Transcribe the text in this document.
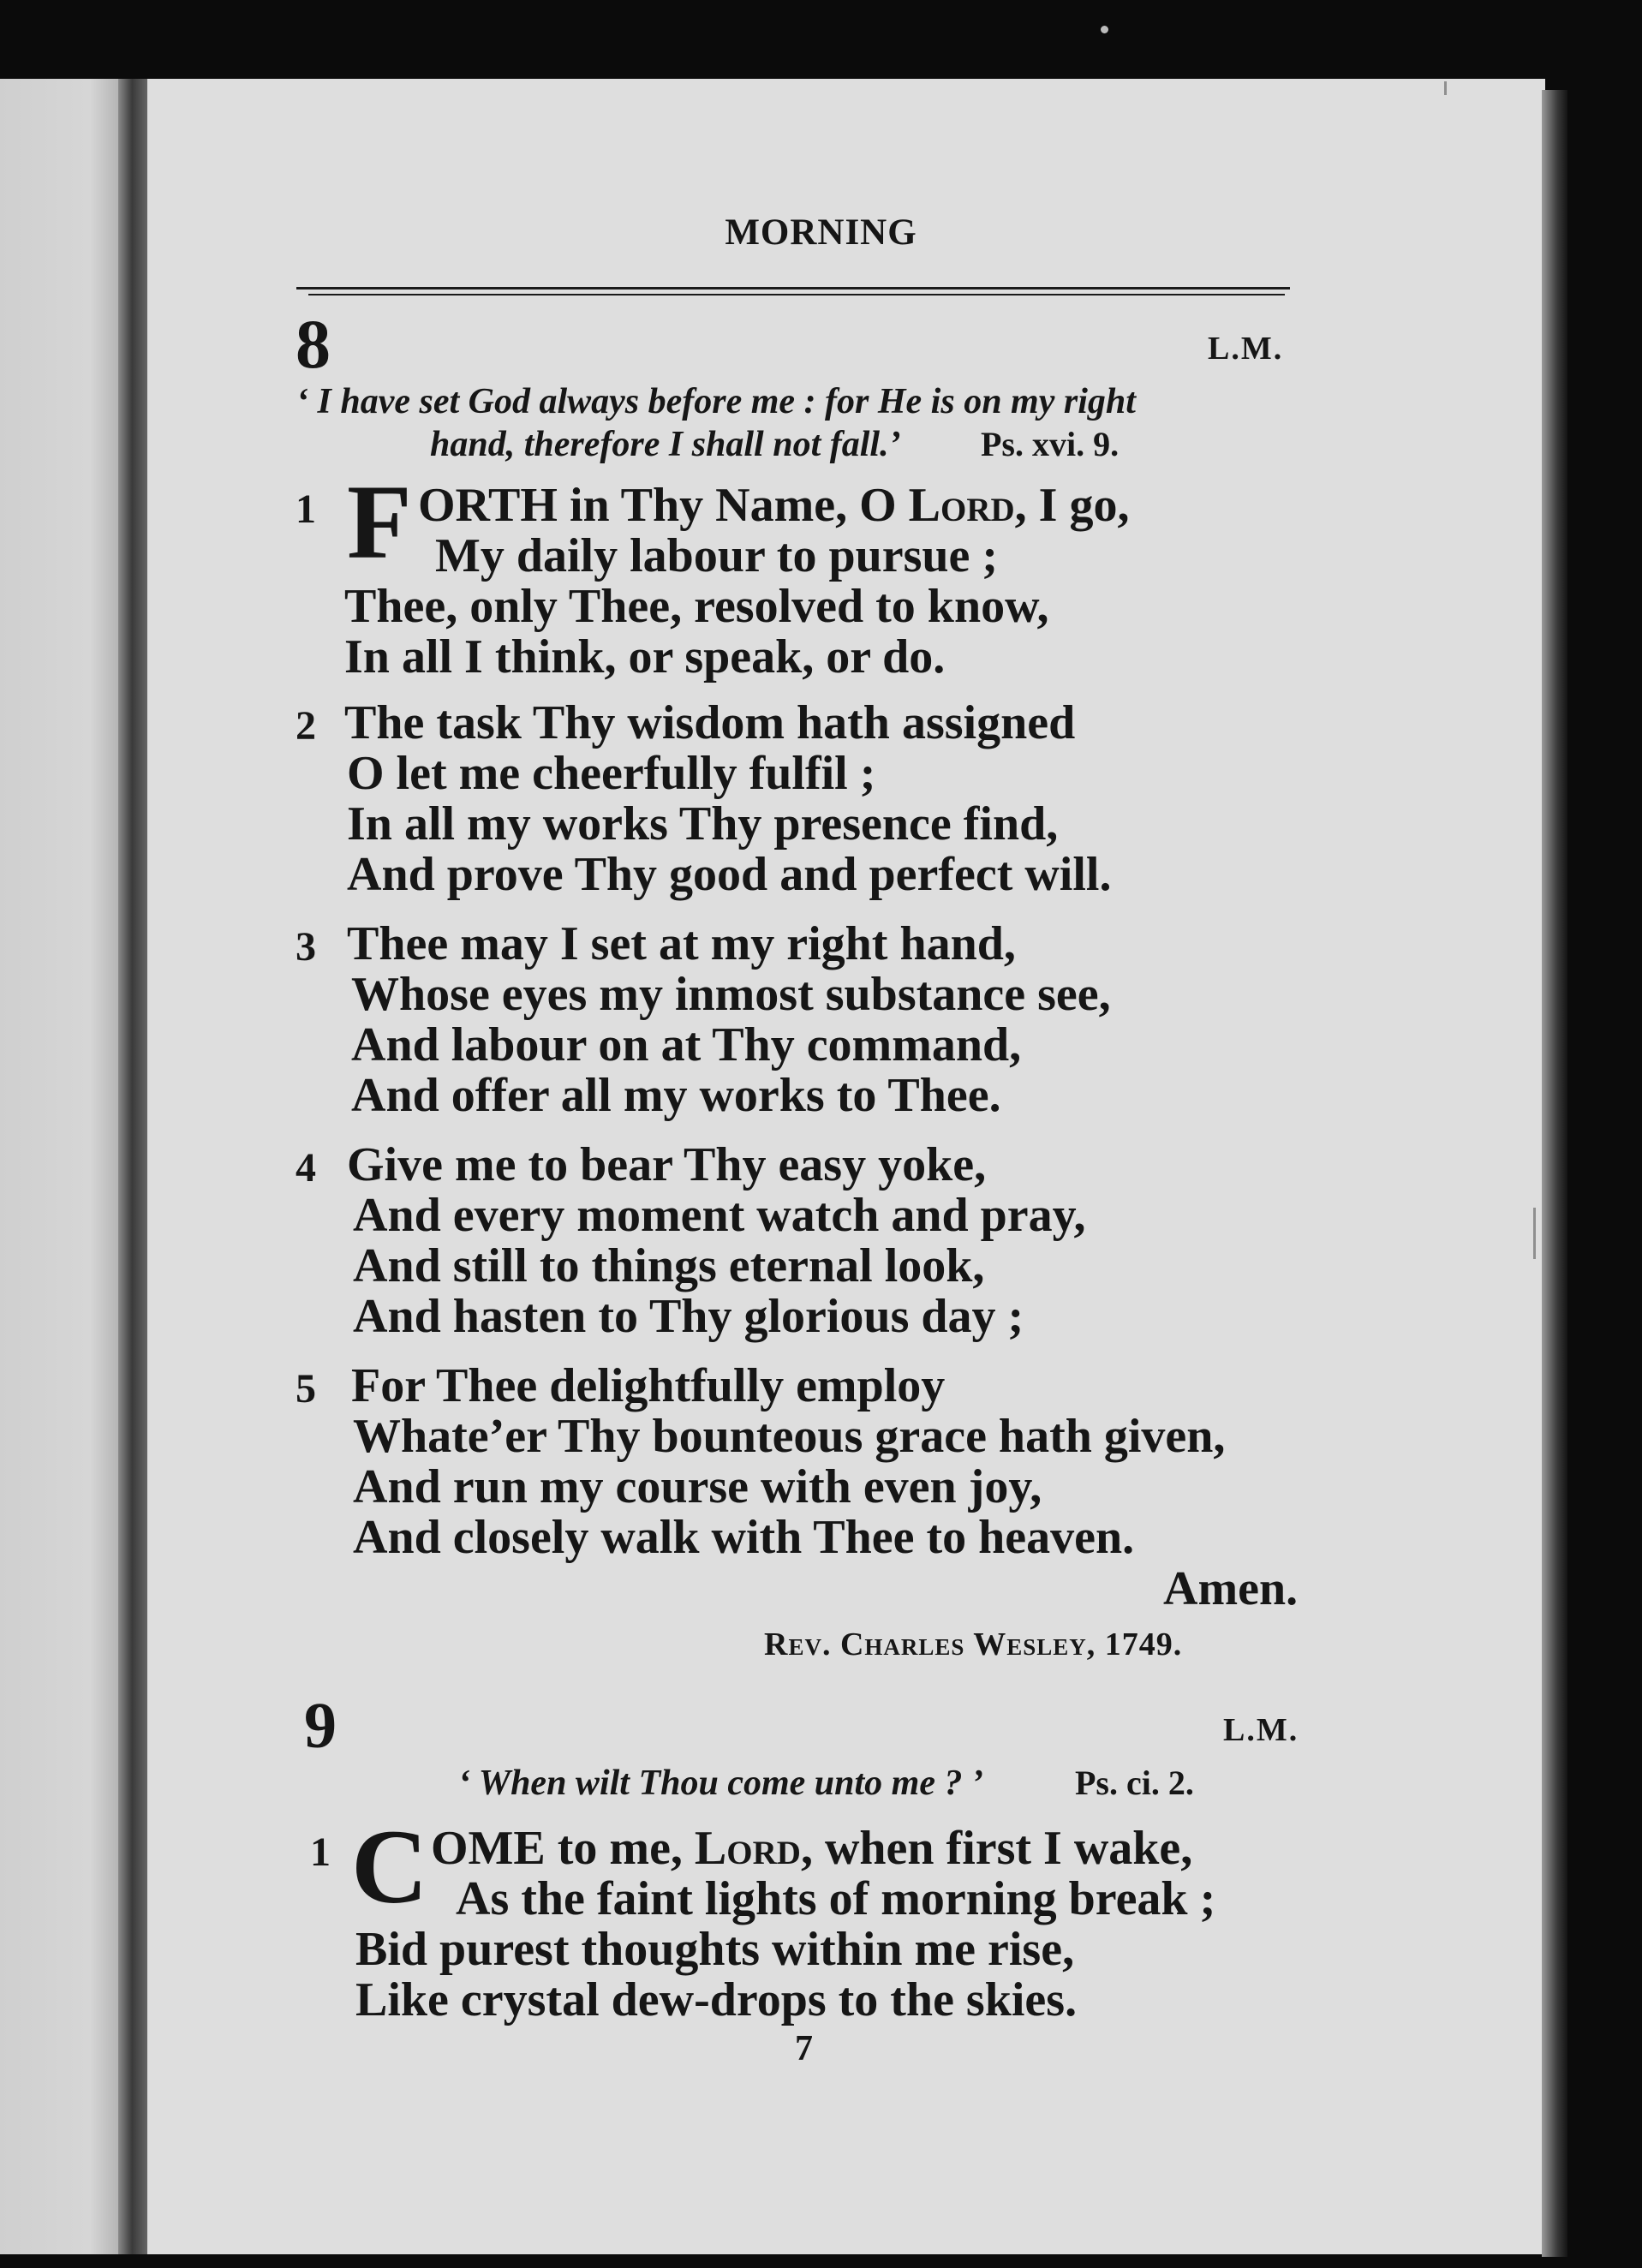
MORNING
8	L.M.
‘ I have set God always before me : for He is on my right
hand, therefore I shall not fall.’ Ps. xvi. 9.
1 F ORTH in Thy Name, O Lord, I go,
My daily labour to pursue ;
Thee, only Thee, resolved to know,
In all I think, or speak, or do.
2 The task Thy wisdom hath assigned
O let me cheerfully fulfil ;
In all my works Thy presence find,
And prove Thy good and perfect will.
3 Thee may I set at my right hand,
Whose eyes my inmost substance see,
And labour on at Thy command,
And offer all my works to Thee.
4 Give me to bear Thy easy yoke,
And every moment watch and pray,
And still to things eternal look,
And hasten to Thy glorious day ;
5 For Thee delightfully employ
Whate’er Thy bounteous grace hath given,
And run my course with even joy,
And closely walk with Thee to heaven.
Amen.
Rev. Charles Wesley, 1749.
9	L.M.
‘ When wilt Thou come unto me ? ’	Ps. ci. 2.
1 C OME to me, Lord, when first I wake,
As the faint lights of morning break ;
Bid purest thoughts within me rise,
Like crystal dew-drops to the skies.
7
